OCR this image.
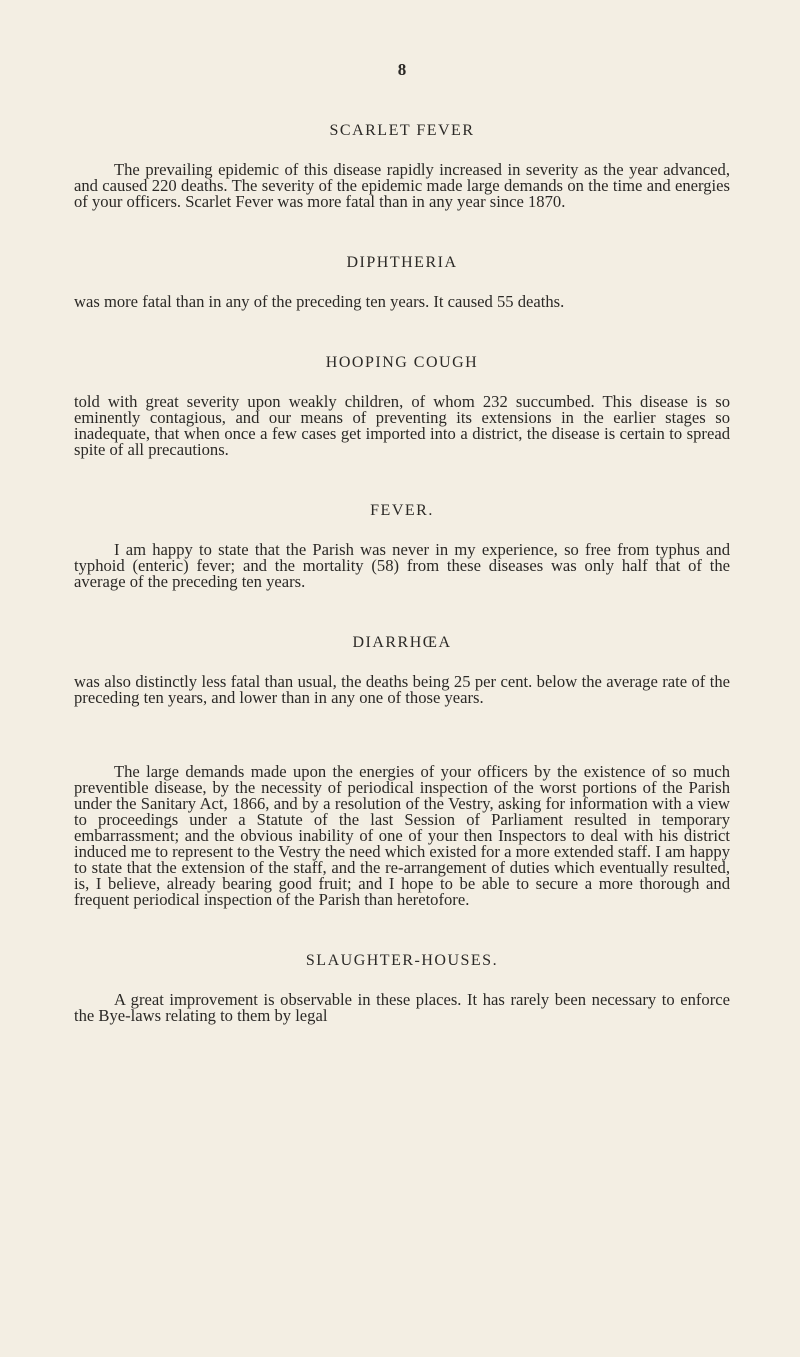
8
SCARLET FEVER

The prevailing epidemic of this disease rapidly increased in severity as the year advanced, and caused 220 deaths. The severity of the epidemic made large demands on the time and energies of your officers. Scarlet Fever was more fatal than in any year since 1870.

DIPHTHERIA

was more fatal than in any of the preceding ten years. It caused 55 deaths.

HOOPING COUGH

told with great severity upon weakly children, of whom 232 succumbed. This disease is so eminently contagious, and our means of preventing its extensions in the earlier stages so inadequate, that when once a few cases get imported into a district, the disease is certain to spread spite of all precautions.

FEVER.

I am happy to state that the Parish was never in my experience, so free from typhus and typhoid (enteric) fever; and the mortality (58) from these diseases was only half that of the average of the preceding ten years.

DIARRHŒA

was also distinctly less fatal than usual, the deaths being 25 per cent. below the average rate of the preceding ten years, and lower than in any one of those years.

The large demands made upon the energies of your officers by the existence of so much preventible disease, by the necessity of periodical inspection of the worst portions of the Parish under the Sanitary Act, 1866, and by a resolution of the Vestry, asking for information with a view to proceedings under a Statute of the last Session of Parliament resulted in temporary embarrassment; and the obvious inability of one of your then Inspectors to deal with his district induced me to represent to the Vestry the need which existed for a more extended staff. I am happy to state that the extension of the staff, and the re-arrangement of duties which eventually resulted, is, I believe, already bearing good fruit; and I hope to be able to secure a more thorough and frequent periodical inspection of the Parish than heretofore.

SLAUGHTER-HOUSES.

A great improvement is observable in these places. It has rarely been necessary to enforce the Bye-laws relating to them by legal
